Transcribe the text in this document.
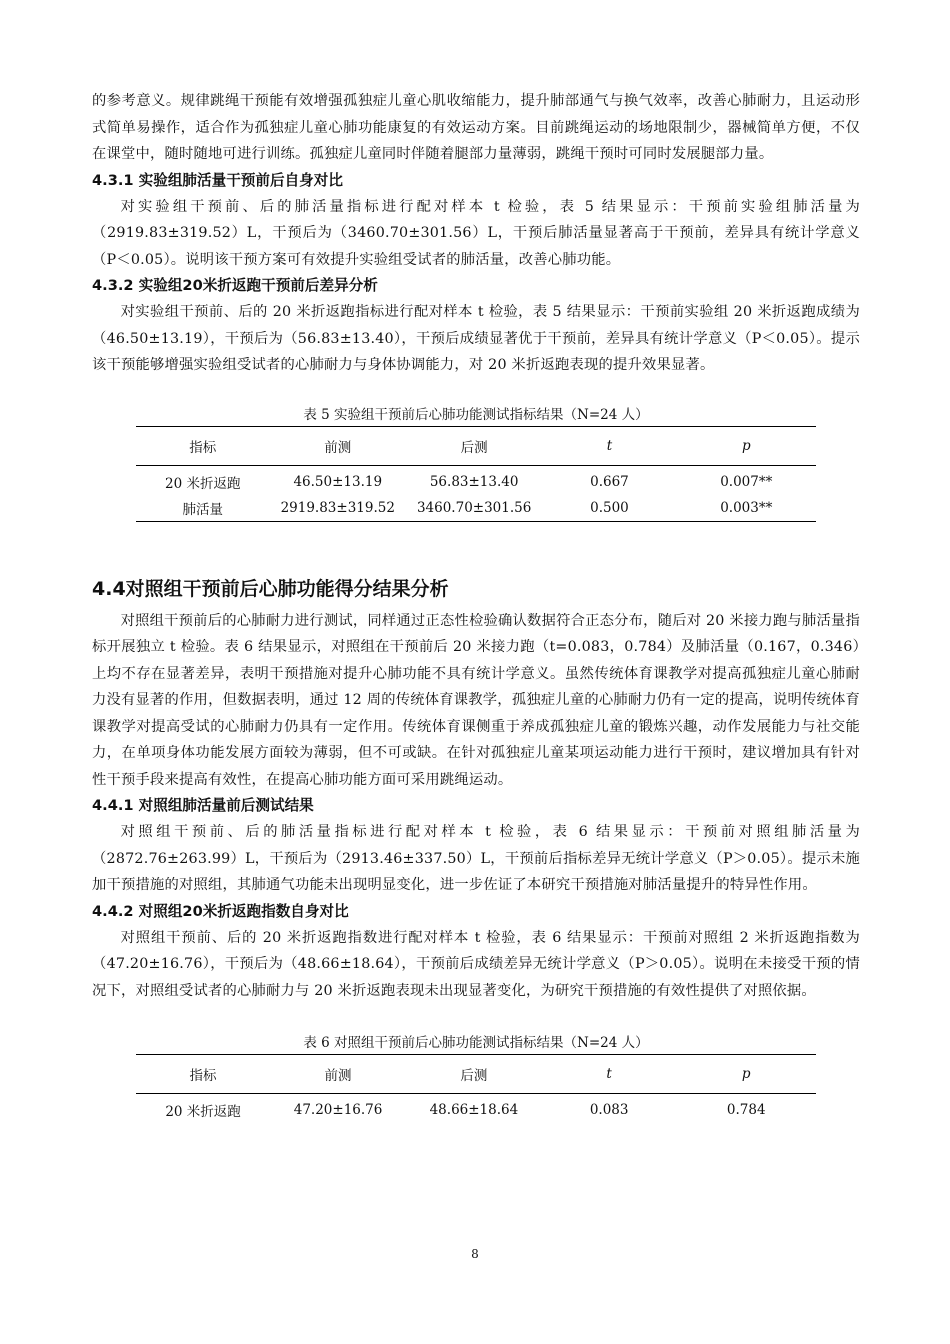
的参考意义。规律跳绳干预能有效增强孤独症儿童心肌收缩能力，提升肺部通气与换气效率，改善心肺耐力，且运动形式简单易操作，适合作为孤独症儿童心肺功能康复的有效运动方案。目前跳绳运动的场地限制少，器械简单方便，不仅在课堂中，随时随地可进行训练。孤独症儿童同时伴随着腿部力量薄弱，跳绳干预时可同时发展腿部力量。

4.3.1 实验组肺活量干预前后自身对比

对实验组干预前、后的肺活量指标进行配对样本 t 检验，表 5 结果显示：干预前实验组肺活量为（2919.83±319.52）L，干预后为（3460.70±301.56）L，干预后肺活量显著高于干预前，差异具有统计学意义（P＜0.05）。说明该干预方案可有效提升实验组受试者的肺活量，改善心肺功能。

4.3.2 实验组20米折返跑干预前后差异分析

对实验组干预前、后的 20 米折返跑指标进行配对样本 t 检验，表 5 结果显示：干预前实验组 20 米折返跑成绩为（46.50±13.19），干预后为（56.83±13.40），干预后成绩显著优于干预前，差异具有统计学意义（P＜0.05）。提示该干预能够增强实验组受试者的心肺耐力与身体协调能力，对 20 米折返跑表现的提升效果显著。

表 5 实验组干预前后心肺功能测试指标结果（N=24 人）

指标	前测	后测	t	p
20 米折返跑	46.50±13.19	56.83±13.40	0.667	0.007**
肺活量	2919.83±319.52	3460.70±301.56	0.500	0.003**

4.4对照组干预前后心肺功能得分结果分析

对照组干预前后的心肺耐力进行测试，同样通过正态性检验确认数据符合正态分布，随后对 20 米接力跑与肺活量指标开展独立 t 检验。表 6 结果显示，对照组在干预前后 20 米接力跑（t=0.083，0.784）及肺活量（0.167，0.346）上均不存在显著差异，表明干预措施对提升心肺功能不具有统计学意义。虽然传统体育课教学对提高孤独症儿童心肺耐力没有显著的作用，但数据表明，通过 12 周的传统体育课教学，孤独症儿童的心肺耐力仍有一定的提高，说明传统体育课教学对提高受试的心肺耐力仍具有一定作用。传统体育课侧重于养成孤独症儿童的锻炼兴趣，动作发展能力与社交能力，在单项身体功能发展方面较为薄弱，但不可或缺。在针对孤独症儿童某项运动能力进行干预时，建议增加具有针对性干预手段来提高有效性，在提高心肺功能方面可采用跳绳运动。

4.4.1 对照组肺活量前后测试结果

对照组干预前、后的肺活量指标进行配对样本 t 检验，表 6 结果显示：干预前对照组肺活量为（2872.76±263.99）L，干预后为（2913.46±337.50）L，干预前后指标差异无统计学意义（P＞0.05）。提示未施加干预措施的对照组，其肺通气功能未出现明显变化，进一步佐证了本研究干预措施对肺活量提升的特异性作用。

4.4.2 对照组20米折返跑指数自身对比

对照组干预前、后的 20 米折返跑指数进行配对样本 t 检验，表 6 结果显示：干预前对照组 2 米折返跑指数为（47.20±16.76），干预后为（48.66±18.64），干预前后成绩差异无统计学意义（P＞0.05）。说明在未接受干预的情况下，对照组受试者的心肺耐力与 20 米折返跑表现未出现显著变化，为研究干预措施的有效性提供了对照依据。

表 6 对照组干预前后心肺功能测试指标结果（N=24 人）

指标	前测	后测	t	p
20 米折返跑	47.20±16.76	48.66±18.64	0.083	0.784
8
